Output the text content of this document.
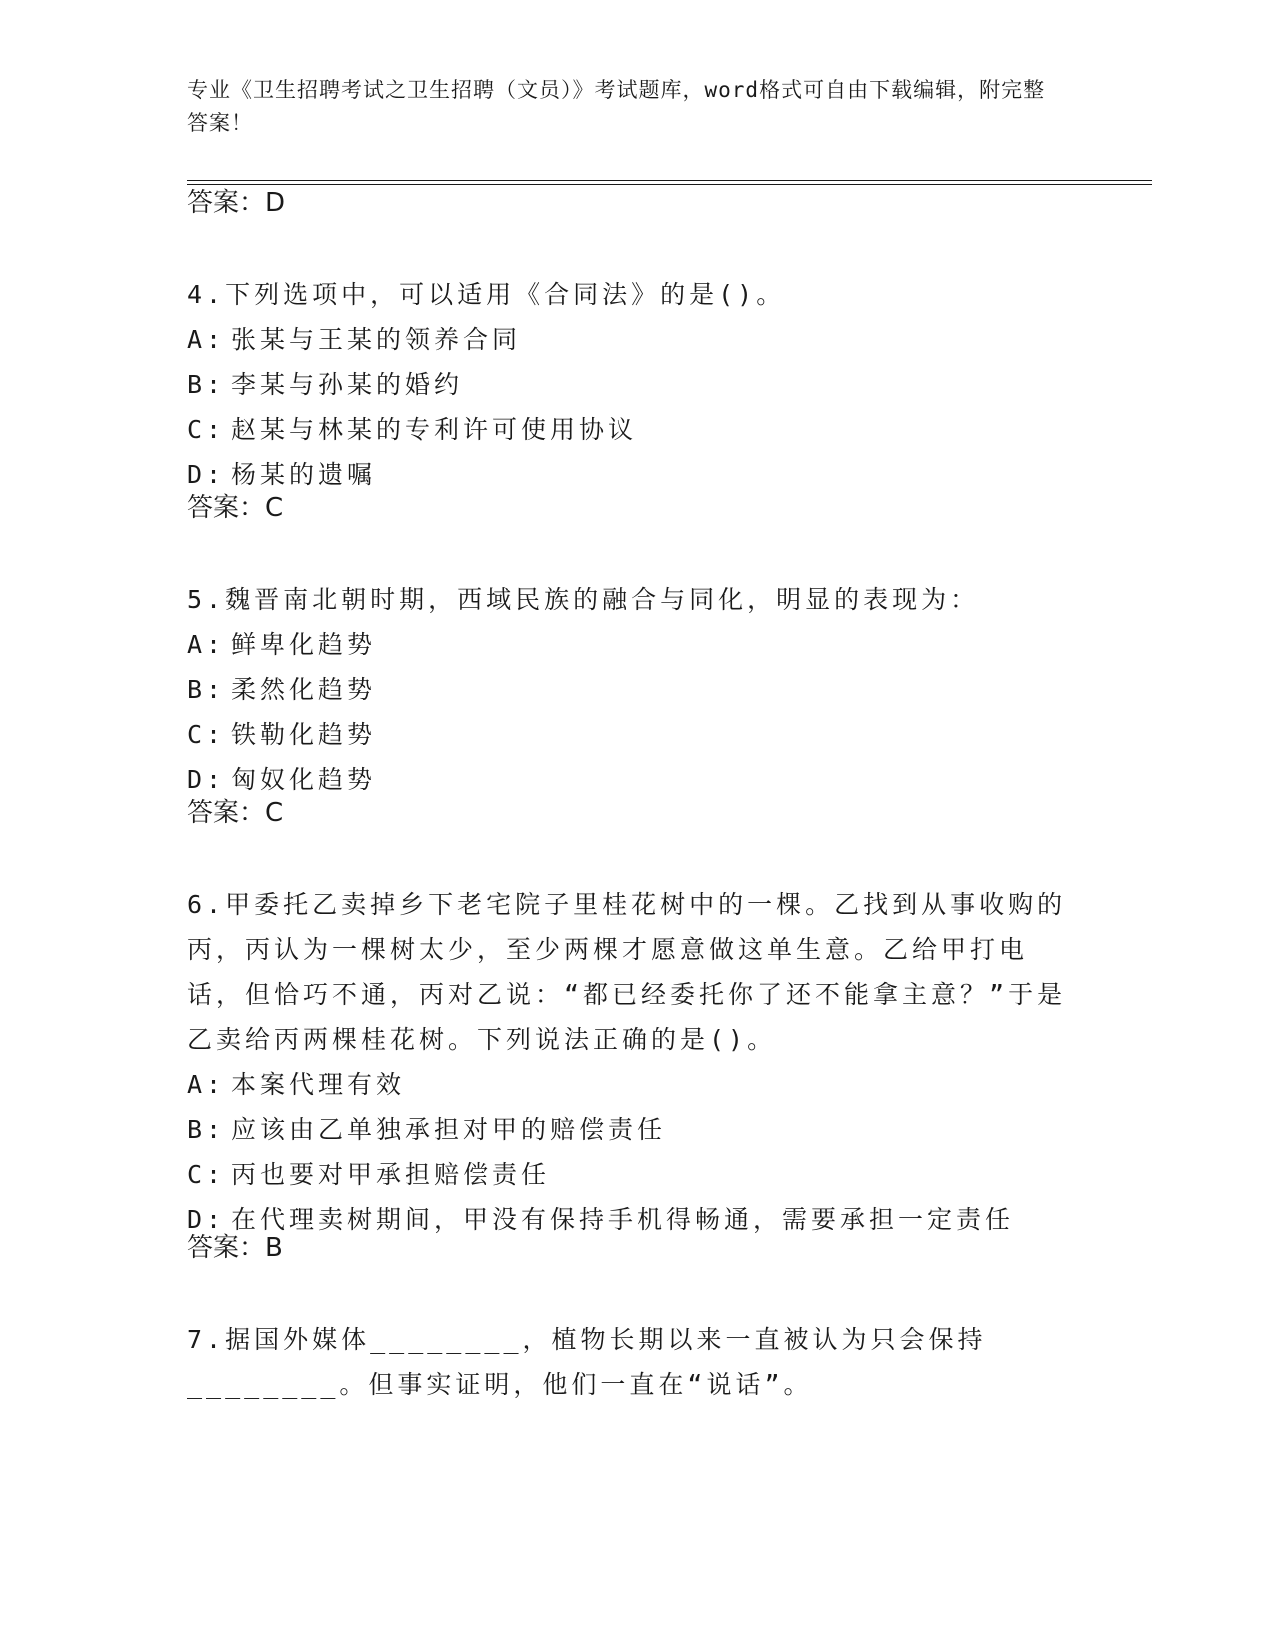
专业《卫生招聘考试之卫生招聘（文员）》考试题库，word格式可自由下载编辑，附完整答案！
答案：D
4.下列选项中，可以适用《合同法》的是()。
A: 张某与王某的领养合同
B: 李某与孙某的婚约
C: 赵某与林某的专利许可使用协议
D: 杨某的遗嘱
答案：C
5.魏晋南北朝时期，西域民族的融合与同化，明显的表现为：
A: 鲜卑化趋势
B: 柔然化趋势
C: 铁勒化趋势
D: 匈奴化趋势
答案：C
6.甲委托乙卖掉乡下老宅院子里桂花树中的一棵。乙找到从事收购的丙，丙认为一棵树太少，至少两棵才愿意做这单生意。乙给甲打电话，但恰巧不通，丙对乙说：“都已经委托你了还不能拿主意？”于是乙卖给丙两棵桂花树。下列说法正确的是()。
A: 本案代理有效
B: 应该由乙单独承担对甲的赔偿责任
C: 丙也要对甲承担赔偿责任
D: 在代理卖树期间，甲没有保持手机得畅通，需要承担一定责任
答案：B
7.据国外媒体________，植物长期以来一直被认为只会保持________。但事实证明，他们一直在“说话”。
